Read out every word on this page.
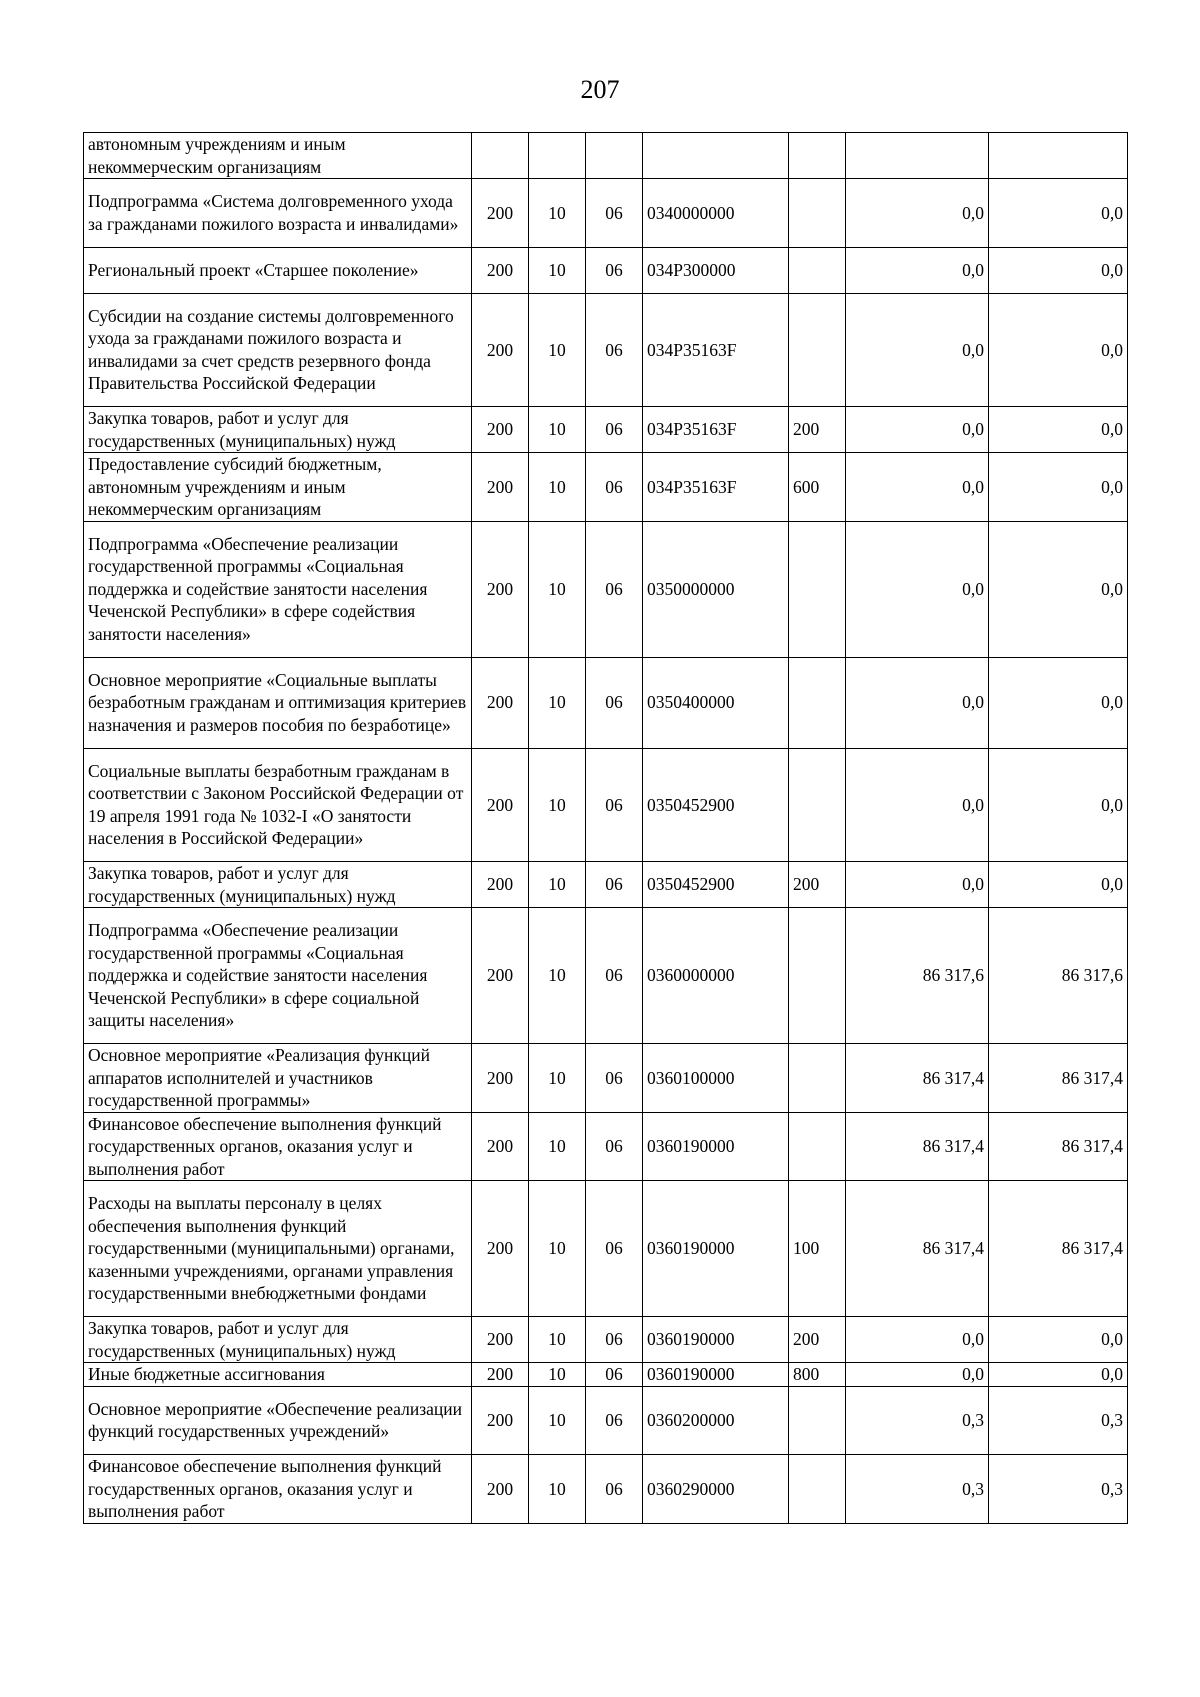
207
автономным учреждениям и иным некоммерческим организациям							
Подпрограмма «Система долговременного ухода за гражданами пожилого возраста и инвалидами»	200	10	06	0340000000		0,0	0,0
Региональный проект «Старшее поколение»	200	10	06	034P300000		0,0	0,0
Субсидии на создание системы долговременного ухода за гражданами пожилого возраста и инвалидами за счет средств резервного фонда Правительства Российской Федерации	200	10	06	034P35163F		0,0	0,0
Закупка товаров, работ и услуг для государственных (муниципальных) нужд	200	10	06	034P35163F	200	0,0	0,0
Предоставление субсидий бюджетным, автономным учреждениям и иным некоммерческим организациям	200	10	06	034P35163F	600	0,0	0,0
Подпрограмма «Обеспечение реализации государственной программы «Социальная поддержка и содействие занятости населения Чеченской Республики» в сфере содействия занятости населения»	200	10	06	0350000000		0,0	0,0
Основное мероприятие «Социальные выплаты безработным гражданам и оптимизация критериев назначения и размеров пособия по безработице»	200	10	06	0350400000		0,0	0,0
Социальные выплаты безработным гражданам в соответствии с Законом Российской Федерации от 19 апреля 1991 года № 1032-I «О занятости населения в Российской Федерации»	200	10	06	0350452900		0,0	0,0
Закупка товаров, работ и услуг для государственных (муниципальных) нужд	200	10	06	0350452900	200	0,0	0,0
Подпрограмма «Обеспечение реализации государственной программы «Социальная поддержка и содействие занятости населения Чеченской Республики» в сфере социальной защиты населения»	200	10	06	0360000000		86 317,6	86 317,6
Основное мероприятие «Реализация функций аппаратов исполнителей и участников государственной программы»	200	10	06	0360100000		86 317,4	86 317,4
Финансовое обеспечение выполнения функций государственных органов, оказания услуг и выполнения работ	200	10	06	0360190000		86 317,4	86 317,4
Расходы на выплаты персоналу в целях обеспечения выполнения функций государственными (муниципальными) органами, казенными учреждениями, органами управления государственными внебюджетными фондами	200	10	06	0360190000	100	86 317,4	86 317,4
Закупка товаров, работ и услуг для государственных (муниципальных) нужд	200	10	06	0360190000	200	0,0	0,0
Иные бюджетные ассигнования	200	10	06	0360190000	800	0,0	0,0
Основное мероприятие «Обеспечение реализации функций государственных учреждений»	200	10	06	0360200000		0,3	0,3
Финансовое обеспечение выполнения функций государственных органов, оказания услуг и выполнения работ	200	10	06	0360290000		0,3	0,3
